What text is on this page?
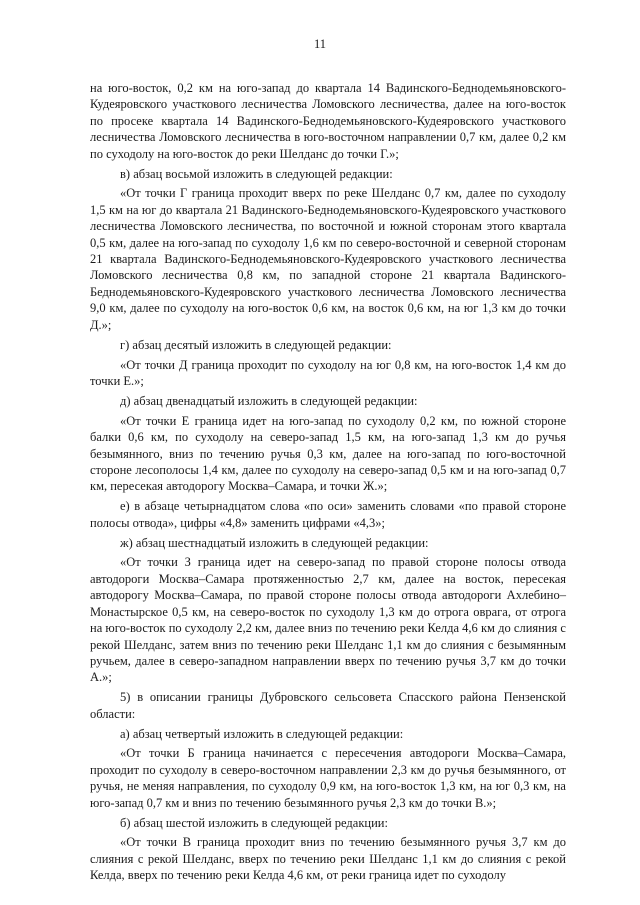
11

на юго-восток, 0,2 км на юго-запад до квартала 14 Вадинского-Беднодемьяновского-Кудеяровского участкового лесничества Ломовского лесничества, далее на юго-восток по просеке квартала 14 Вадинского-Беднодемьяновского-Кудеяровского участкового лесничества Ломовского лесничества в юго-восточном направлении 0,7 км, далее 0,2 км по суходолу на юго-восток до реки Шелданс до точки Г.»;

в) абзац восьмой изложить в следующей редакции:

«От точки Г граница проходит вверх по реке Шелданс 0,7 км, далее по суходолу 1,5 км на юг до квартала 21 Вадинского-Беднодемьяновского-Кудеяровского участкового лесничества Ломовского лесничества, по восточной и южной сторонам этого квартала 0,5 км, далее на юго-запад по суходолу 1,6 км по северо-восточной и северной сторонам 21 квартала Вадинского-Беднодемьяновского-Кудеяровского участкового лесничества Ломовского лесничества 0,8 км, по западной стороне 21 квартала Вадинского-Беднодемьяновского-Кудеяровского участкового лесничества Ломовского лесничества 9,0 км, далее по суходолу на юго-восток 0,6 км, на восток 0,6 км, на юг 1,3 км до точки Д.»;

г) абзац десятый изложить в следующей редакции:

«От точки Д граница проходит по суходолу на юг 0,8 км, на юго-восток 1,4 км до точки Е.»;

д) абзац двенадцатый изложить в следующей редакции:

«От точки Е граница идет на юго-запад по суходолу 0,2 км, по южной стороне балки 0,6 км, по суходолу на северо-запад 1,5 км, на юго-запад 1,3 км до ручья безымянного, вниз по течению ручья 0,3 км, далее на юго-запад по юго-восточной стороне лесополосы 1,4 км, далее по суходолу на северо-запад 0,5 км и на юго-запад 0,7 км, пересекая автодорогу Москва–Самара, и точки Ж.»;

е) в абзаце четырнадцатом слова «по оси» заменить словами «по правой стороне полосы отвода», цифры «4,8» заменить цифрами «4,3»;

ж) абзац шестнадцатый изложить в следующей редакции:

«От точки З граница идет на северо-запад по правой стороне полосы отвода автодороги Москва–Самара протяженностью 2,7 км, далее на восток, пересекая автодорогу Москва–Самара, по правой стороне полосы отвода автодороги Ахлебино–Монастырское 0,5 км, на северо-восток по суходолу 1,3 км до отрога оврага, от отрога на юго-восток по суходолу 2,2 км, далее вниз по течению реки Келда 4,6 км до слияния с рекой Шелданс, затем вниз по течению реки Шелданс 1,1 км до слияния с безымянным ручьем, далее в северо-западном направлении вверх по течению ручья 3,7 км до точки А.»;

5) в описании границы Дубровского сельсовета Спасского района Пензенской области:

а) абзац четвертый изложить в следующей редакции:

«От точки Б граница начинается с пересечения автодороги Москва–Самара, проходит по суходолу в северо-восточном направлении 2,3 км до ручья безымянного, от ручья, не меняя направления, по суходолу 0,9 км, на юго-восток 1,3 км, на юг 0,3 км, на юго-запад 0,7 км и вниз по течению безымянного ручья 2,3 км до точки В.»;

б) абзац шестой изложить в следующей редакции:

«От точки В граница проходит вниз по течению безымянного ручья 3,7 км до слияния с рекой Шелданс, вверх по течению реки Шелданс 1,1 км до слияния с рекой Келда, вверх по течению реки Келда 4,6 км, от реки граница идет по суходолу
